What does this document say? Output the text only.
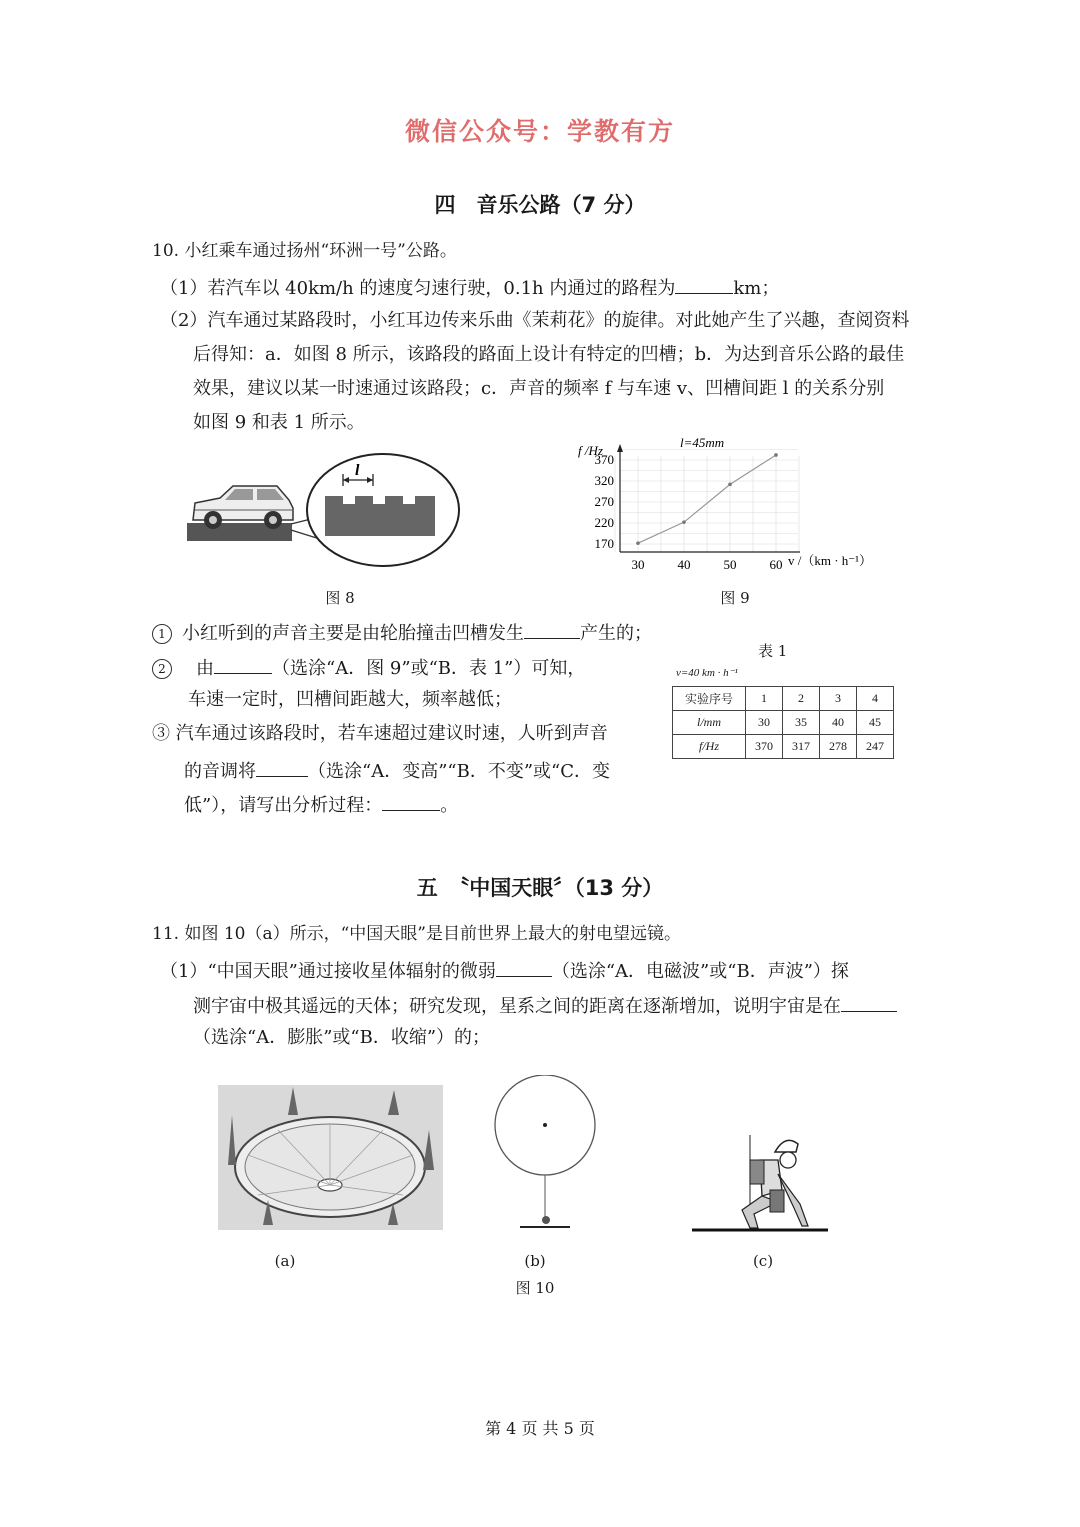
微信公众号：学教有方
四　音乐公路（7 分）
10. 小红乘车通过扬州“环洲一号”公路。
（1）若汽车以 40km/h 的速度匀速行驶，0.1h 内通过的路程为	km；
（2）汽车通过某路段时，小红耳边传来乐曲《茉莉花》的旋律。对此她产生了兴趣，查阅资料
后得知：a．如图 8 所示，该路段的路面上设计有特定的凹槽；b．为达到音乐公路的最佳
效果，建议以某一时速通过该路段；c．声音的频率 f 与车速 v、凹槽间距 l 的关系分别
如图 9 和表 1 所示。
l
图 8
f /Hz
l=45mm
v /（km · h⁻¹）
30	40	50	60
170
220
270
320
370
图 9
1 小红听到的声音主要是由轮胎撞击凹槽发生	产生的；
2 由	（选涂“A．图 9”或“B．表 1”）可知，
车速一定时，凹槽间距越大，频率越低；
③ 汽车通过该路段时，若车速超过建议时速，人听到声音
的音调将	（选涂“A．变高”“B．不变”或“C．变
低”），请写出分析过程：	。
表 1
v=40 km · h⁻¹
实验序号	1	2	3	4
l/mm	30	35	40	45
f/Hz	370	317	278	247
五　〝中国天眼〞（13 分）
11. 如图 10（a）所示，“中国天眼”是目前世界上最大的射电望远镜。
（1）“中国天眼”通过接收星体辐射的微弱	（选涂“A．电磁波”或“B．声波”）探
测宇宙中极其遥远的天体；研究发现，星系之间的距离在逐渐增加，说明宇宙是在
（选涂“A．膨胀”或“B．收缩”）的；
(a)	(b)	(c)
图 10
第 4 页 共 5 页
